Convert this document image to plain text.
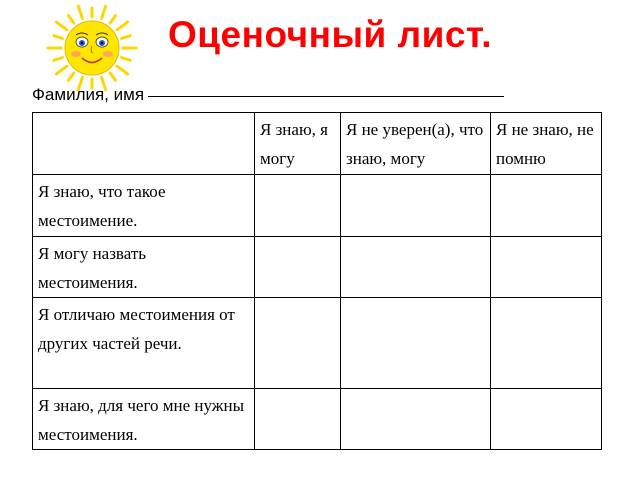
Оценочный лист.
Фамилия, имя
	Я знаю, я могу	Я не уверен(а), что знаю, могу	Я не знаю, не помню
Я знаю, что такое местоимение.			
Я могу назвать местоимения.			
Я отличаю местоимения от других частей речи.			
Я знаю, для чего мне нужны местоимения.			
